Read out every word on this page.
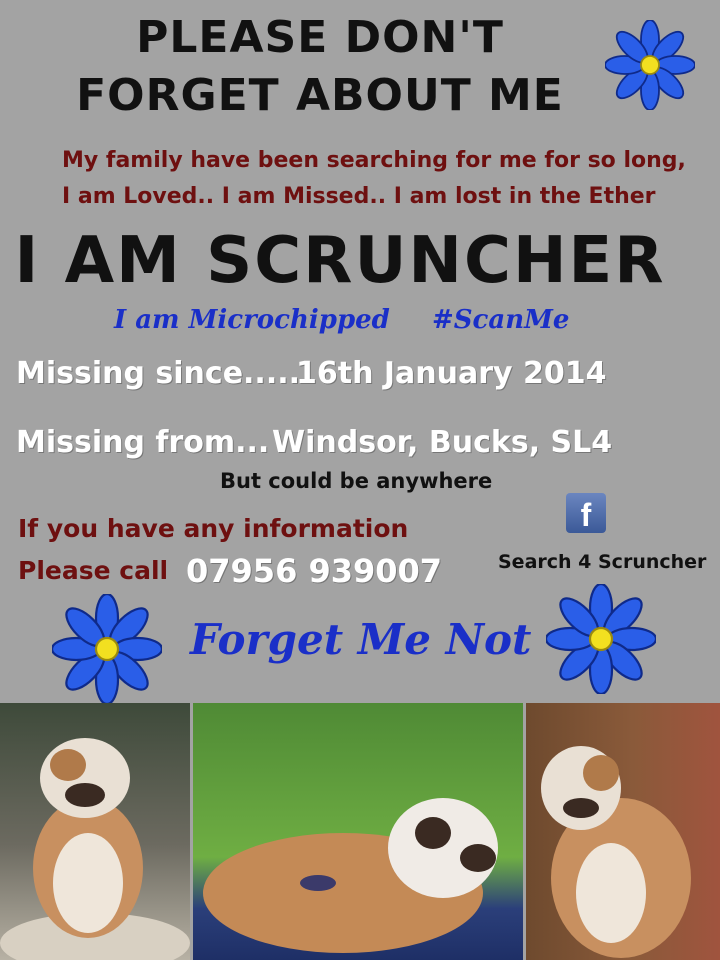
PLEASE DON'T

FORGET ABOUT ME

My family have been searching for me for so long,

I am Loved.. I am Missed.. I am lost in the Ether

I AM SCRUNCHER

I am Microchipped #ScanMe

Missing since.....

16th January 2014

Missing from... Windsor, Bucks, SL4

But could be anywhere

f

Search 4 Scruncher

If you have any information

Please call 07956 939007

Forget Me Not
